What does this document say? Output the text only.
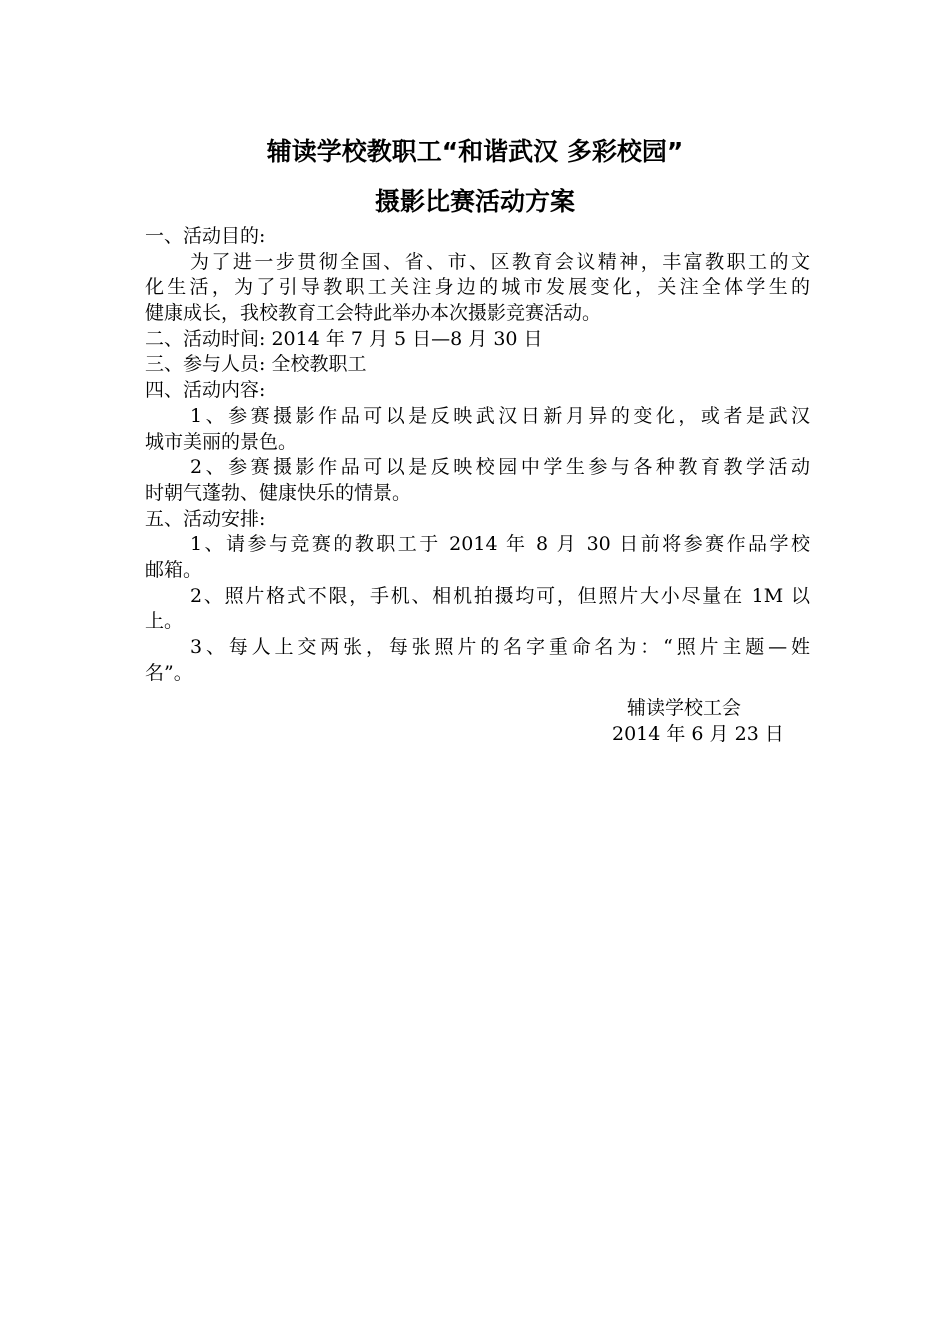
辅读学校教职工“和谐武汉 多彩校园”
摄影比赛活动方案
一、活动目的:
为了进一步贯彻全国、省、市、区教育会议精神，丰富教职工的文
化生活，为了引导教职工关注身边的城市发展变化，关注全体学生的
健康成长，我校教育工会特此举办本次摄影竞赛活动。
二、活动时间: 2014 年 7 月 5 日—8 月 30 日
三、参与人员: 全校教职工
四、活动内容:
1、参赛摄影作品可以是反映武汉日新月异的变化，或者是武汉
城市美丽的景色。
2、参赛摄影作品可以是反映校园中学生参与各种教育教学活动
时朝气蓬勃、健康快乐的情景。
五、活动安排:
1、请参与竞赛的教职工于 2014 年 8 月 30 日前将参赛作品学校
邮箱。
2、照片格式不限，手机、相机拍摄均可，但照片大小尽量在 1M 以
上。
3、每人上交两张，每张照片的名字重命名为：“照片主题—姓
名”。
辅读学校工会
2014 年 6 月 23 日
